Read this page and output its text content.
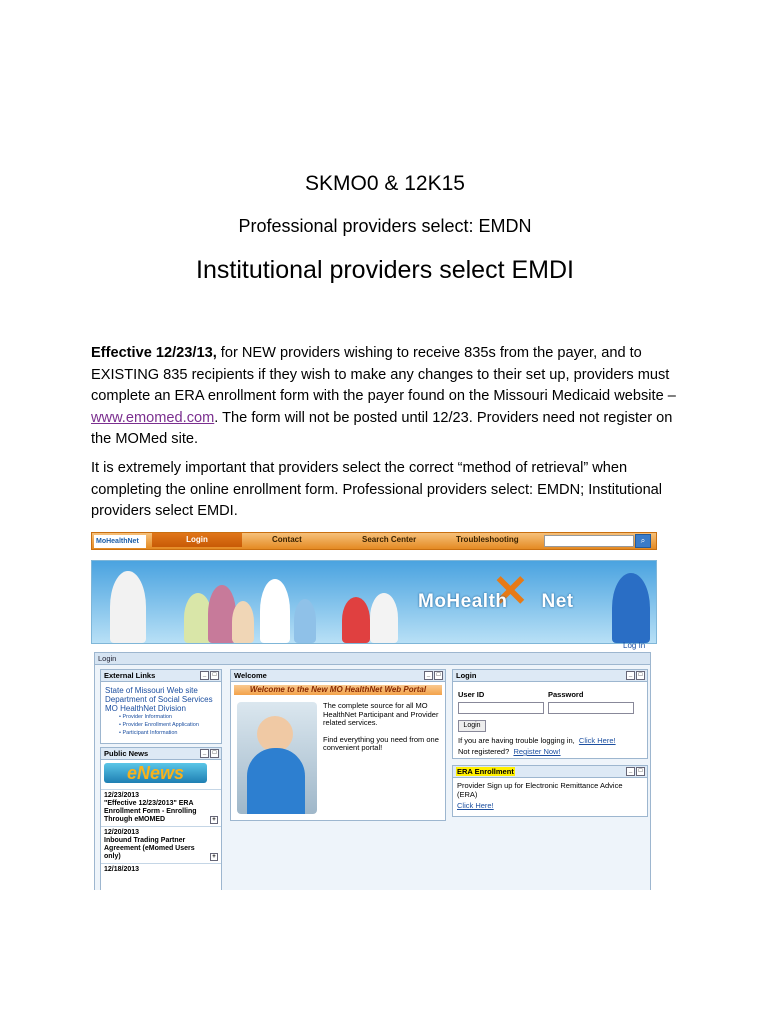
SKMO0 & 12K15
Professional providers select: EMDN
Institutional providers select EMDI
Effective 12/23/13, for NEW providers wishing to receive 835s from the payer, and to EXISTING 835 recipients if they wish to make any changes to their set up, providers must complete an ERA enrollment form with the payer found on the Missouri Medicaid website – www.emomed.com. The form will not be posted until 12/23. Providers need not register on the MOMed site.
It is extremely important that providers select the correct “method of retrieval” when completing the online enrollment form. Professional providers select: EMDN; Institutional providers select EMDI.
MoHealthNet	Login	Contact	Search Center	Troubleshooting	⌕
✕
MoHealth Net
Log In
Login
External Links	_	□
State of Missouri Web site
Department of Social Services
MO HealthNet Division
• Provider Information
• Provider Enrollment Application
• Participant Information
Public News	_	□
eNews
12/23/2013
"Effective 12/23/2013" ERA Enrollment Form - Enrolling Through eMOMED	+
12/20/2013
Inbound Trading Partner Agreement (eMomed Users only)	+
12/18/2013
Welcome	_	□
Welcome to the New MO HealthNet Web Portal
The complete source for all MO HealthNet Participant and Provider related services.
Find everything you need from one convenient portal!
Login	_	□
User ID	Password
Login
If you are having trouble logging in, Click Here!
Not registered? Register Now!
ERA Enrollment	_	□
Provider Sign up for Electronic Remittance Advice (ERA)
Click Here!
